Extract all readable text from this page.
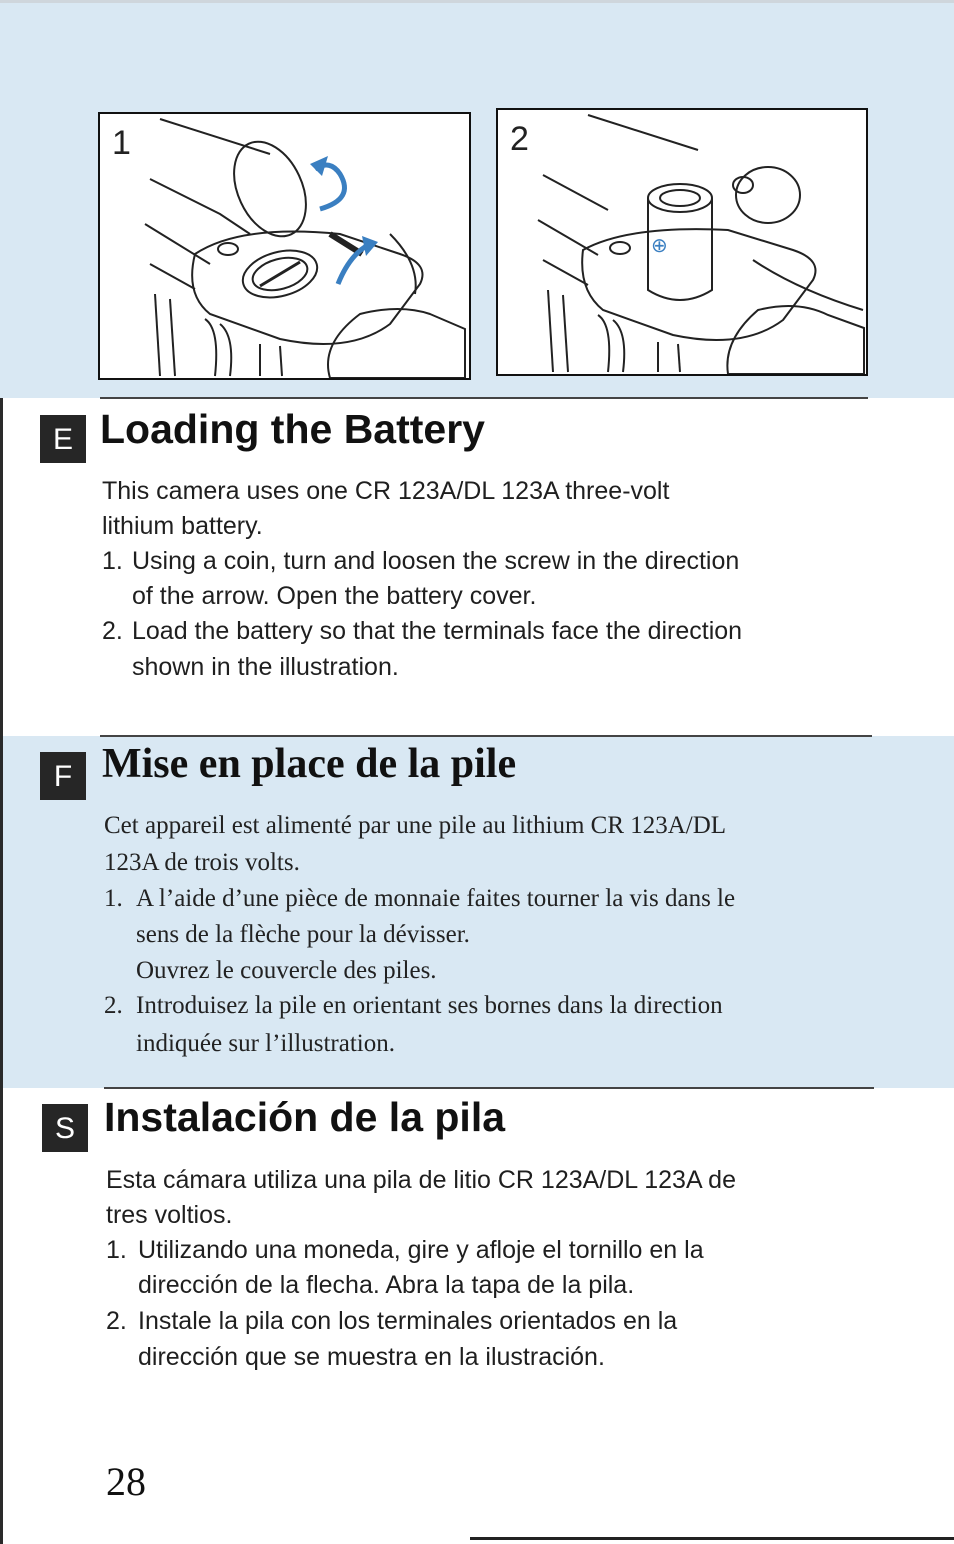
1
⊕
2
E Loading the Battery

This camera uses one CR 123A/DL 123A three-volt

lithium battery.

1. Using a coin, turn and loosen the screw in the direction
of the arrow. Open the battery cover.
2. Load the battery so that the terminals face the direction
shown in the illustration.
F Mise en place de la pile

Cet appareil est alimenté par une pile au lithium CR 123A/DL

123A de trois volts.

1. A l’aide d’une pièce de monnaie faites tourner la vis dans le
sens de la flèche pour la dévisser.
Ouvrez le couvercle des piles.
2. Introduisez la pile en orientant ses bornes dans la direction
indiquée sur l’illustration.
S Instalación de la pila

Esta cámara utiliza una pila de litio CR 123A/DL 123A de

tres voltios.

1. Utilizando una moneda, gire y afloje el tornillo en la
dirección de la flecha. Abra la tapa de la pila.
2. Instale la pila con los terminales orientados en la
dirección que se muestra en la ilustración.
28
